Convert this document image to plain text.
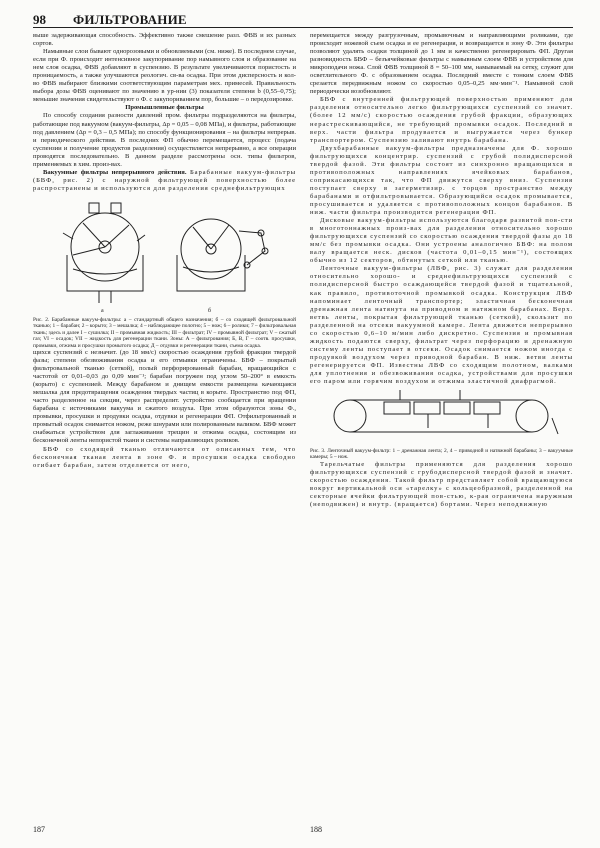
98 ФИЛЬТРОВАНИЕ

выше задерживающая способность. Эффективно также смешение разл. ФВВ и их разных сортов.

Намывные слои бывают однорозовыми и обновляемыми (см. ниже). В последнем случае, если при Ф. происходит интенсивное закупоривание пор намывного слоя и образование на нем слоя осадка, ФВВ добавляют в суспензию. В результате увеличиваются пористость и проницаемость, а также улучшаются реологич. св-ва осадка. При этом дисперсность и кол-во ФВВ выбирают близкими соответствующим параметрам мех. примесей. Правильность выбора дозы ФВВ оценивают по значению в ур-нии (3) показателя степени b (0,55–0,75); меньшие значения свидетельствуют о Ф. с закупориванием пор, большие – о передозировке.

Промышленные фильтры

По способу создания разности давлений пром. фильтры подразделяются на фильтры, работающие под вакуумом (вакуум-фильтры, Δp = 0,05 – 0,08 МПа), и фильтры, работающие под давлением (Δp = 0,3 – 0,5 МПа); по способу функционирования – на фильтры непрерыв. и периодического действия. В последних ФП обычно перемещается, процесс (подача суспензии и получение продуктов разделения) осуществляется непрерывно, а все операции проводятся последовательно. В данном разделе рассмотрены осн. типы фильтров, применяемых в хим. произ-вах.

Вакуумные фильтры непрерывного действия. Барабанные вакуум-фильтры (БВФ, рис. 2) с наружной фильтрующей поверхностью более распространены и используются для разделения среднефильтрующих

а	б

Рис. 2. Барабанные вакуум-фильтры: а – стандартный общего назначения; б – со сходящей фильтровальной тканью; 1 – барабан; 2 – корыто; 3 – мешалка; 4 – наблюдающее полотно; 5 – нож; 6 – ролики; 7 – фильтровальная ткань; здесь и далее I – сушилка; II – промывная жидкость; III – фильтрат; IV – промывной фильтрат; V – сжатый газ; VI – осадок; VII – жидкость для регенерации ткани. Зоны: А – фильтрования; Б, В, Г – соотв. просушки, промывки, отжима и просушки промытого осадка; Д – отдувки и регенерации ткани, съема осадка.

щихся суспензий с незначит. (до 18 мм/с) скоростью осаждения грубой фракции твердой фазы; степени обезвоживания осадка и его отмывки ограничены. БВФ – покрытый фильтровальной тканью (сеткой), полый перфорированный барабан, вращающийся с частотой от 0,01–0,03 до 0,09 мин⁻¹; барабан погружен под углом 50–200° в емкость (корыто) с суспензией. Между барабаном и днищем емкости размещена качающаяся мешалка для предотвращения осаждения твердых частиц в корыте. Пространство под ФП, часто разделенное на секции, через распределит. устройство сообщается при вращении барабана с источниками вакуума и сжатого воздуха. При этом образуются зоны Ф., промывки, просушки и продувки осадка, отдувки и регенерации ФП. Отфильтрованный и промытый осадок снимается ножом, реже шнурами или полированным валиком. БВФ может снабжаться устройством для заглаживания трещин и отжима осадка, состоящим из бесконечной ленты непористой ткани и системы направляющих роликов.

БВФ со сходящей тканью отличаются от описанных тем, что бесконечная тканая лента в зоне Ф. и просушки осадка свободно огибает барабан, затем отделяется от него,

перемещается между разгрузочным, промывочным и направляющими роликами, где происходят ножевой съем осадка и ее регенерация, и возвращается в зону Ф. Эти фильтры позволяют удалять осадки толщиной до 1 мм и качественно регенерировать ФП. Другая разновидность БВФ – безъячейковые фильтры с намывным слоем ФВВ и устройством для микроподачи ножа. Слой ФВВ толщиной 8 = 50–100 мм, намываемый на сетку, служит для осветлительного Ф. с образованием осадка. Последний вместе с тонким слоем ФВВ срезается передвижным ножом со скоростью 0,05–0,25 мм·мин⁻¹. Намывной слой периодически возобновляют.

БВФ с внутренней фильтрующей поверхностью применяют для разделения относительно легко фильтрующихся суспензий со значит. (более 12 мм/с) скоростью осаждения грубой фракции, образующих нерастрескивающийся, не требующий промывки осадок. Последний в верх. части фильтра продувается и выгружается через бункер транспортером. Суспензию заливают внутрь барабана.

Двухбарабанные вакуум-фильтры предназначены для Ф. хорошо фильтрующихся концентрир. суспензий с грубой полидисперсной твердой фазой. Эти фильтры состоят из синхронно вращающихся в противоположных направлениях ячейковых барабанов, соприкасающихся так, что ФП движутся сверху вниз. Суспензия поступает сверху в загерметизир. с торцов пространство между барабанами и отфильтровывается. Образующийся осадок промывается, просушивается и удаляется с противоположных концов барабанов. В ниж. части фильтра производится регенерация ФП.

Дисковые вакуум-фильтры используются благодаря развитой пов-сти в многотоннажных произ-вах для разделения относительно хорошо фильтрующихся суспензий со скоростью осаждения твердой фазы до 18 мм/с без промывки осадка. Они устроены аналогично БВФ: на полом валу вращается неск. дисков (частота 0,01–0,15 мин⁻¹), состоящих обычно из 12 секторов, обтянутых сеткой или тканью.

Ленточные вакуум-фильтры (ЛВФ, рис. 3) служат для разделения относительно хорошо- и среднефильтрующихся суспензий с полидисперсной быстро осаждающейся твердой фазой и тщательной, как правило, противоточной промывкой осадка. Конструкция ЛВФ напоминает ленточный транспортер; эластичная бесконечная дренажная лента натянута на приводном и натяжном барабанах. Верх. ветвь ленты, покрытая фильтрующей тканью (сеткой), скользит по разделенной на отсеки вакуумной камере. Лента движется непрерывно со скоростью 0,6–10 м/мин либо дискретно. Суспензия и промывная жидкость подаются сверху, фильтрат через перфорацию и дренажную систему ленты поступает в отсеки. Осадок снимается ножом иногда с продувкой воздухом через приводной барабан. В ниж. ветви ленты регенерируется ФП. Известны ЛВФ со сходящим полотном, валками для уплотнения и обезвоживания осадка, устройствами для просушки его паром или горячим воздухом и отжима эластичной диафрагмой.

Рис. 3. Ленточный вакуум-фильтр: 1 – дренажная лента; 2, 4 – приводной и натяжной барабаны; 3 – вакуумные камеры; 5 – нож.

Тарельчатые фильтры применяются для разделения хорошо фильтрующихся суспензий с грубодисперсной твердой фазой и значит. скоростью осаждения. Такой фильтр представляет собой вращающуюся вокруг вертикальной оси «тарелку» с кольцеобразной, разделенной на секторные ячейки фильтрующей пов-стью, к-рая ограничена наружным (неподвижен) и внутр. (вращается) бортами. Через неподвижную

187	188
